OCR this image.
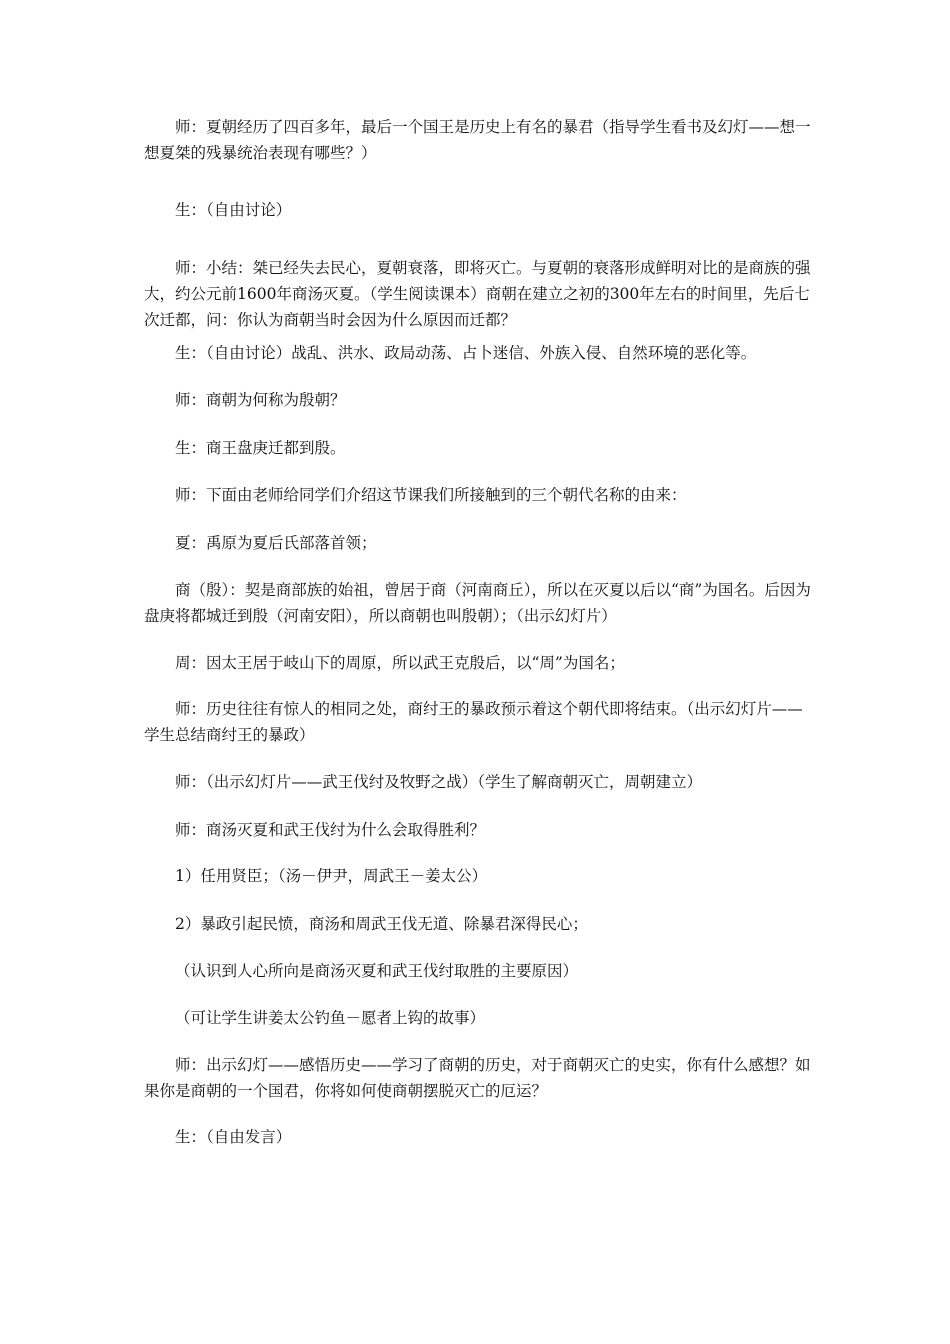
师：夏朝经历了四百多年，最后一个国王是历史上有名的暴君（指导学生看书及幻灯——想一想夏桀的残暴统治表现有哪些？）

生：（自由讨论）

师：小结：桀已经失去民心，夏朝衰落，即将灭亡。与夏朝的衰落形成鲜明对比的是商族的强大，约公元前1600年商汤灭夏。（学生阅读课本）商朝在建立之初的300年左右的时间里，先后七次迁都，问：你认为商朝当时会因为什么原因而迁都？

生：（自由讨论）战乱、洪水、政局动荡、占卜迷信、外族入侵、自然环境的恶化等。

师：商朝为何称为殷朝？

生：商王盘庚迁都到殷。

师：下面由老师给同学们介绍这节课我们所接触到的三个朝代名称的由来：

夏：禹原为夏后氏部落首领；

商（殷）：契是商部族的始祖，曾居于商（河南商丘），所以在灭夏以后以“商”为国名。后因为盘庚将都城迁到殷（河南安阳），所以商朝也叫殷朝）；（出示幻灯片）

周：因太王居于岐山下的周原，所以武王克殷后，以“周”为国名；

师：历史往往有惊人的相同之处，商纣王的暴政预示着这个朝代即将结束。（出示幻灯片——学生总结商纣王的暴政）

师：（出示幻灯片——武王伐纣及牧野之战）（学生了解商朝灭亡，周朝建立）

师：商汤灭夏和武王伐纣为什么会取得胜利？

1）任用贤臣；（汤－伊尹，周武王－姜太公）

2）暴政引起民愤，商汤和周武王伐无道、除暴君深得民心；

（认识到人心所向是商汤灭夏和武王伐纣取胜的主要原因）

（可让学生讲姜太公钓鱼－愿者上钩的故事）

师：出示幻灯——感悟历史——学习了商朝的历史，对于商朝灭亡的史实，你有什么感想？如果你是商朝的一个国君，你将如何使商朝摆脱灭亡的厄运？

生：（自由发言）
